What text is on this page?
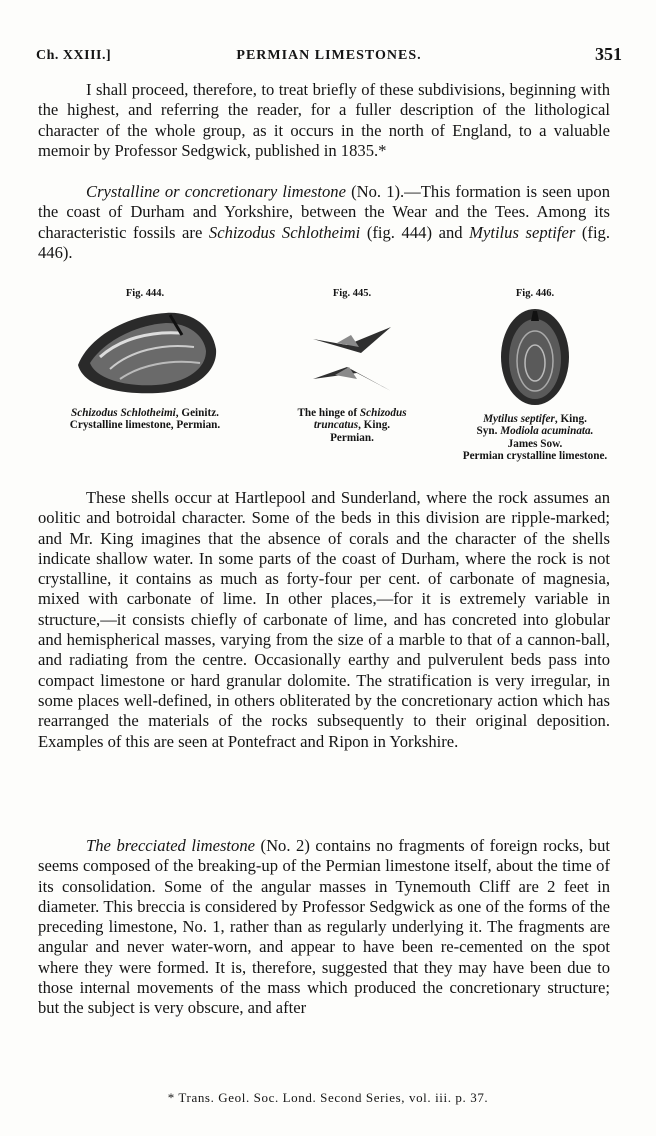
Ch. XXIII.]	PERMIAN LIMESTONES.	351

I shall proceed, therefore, to treat briefly of these subdivisions, beginning with the highest, and referring the reader, for a fuller description of the lithological character of the whole group, as it occurs in the north of England, to a valuable memoir by Professor Sedgwick, published in 1835.*

Crystalline or concretionary limestone (No. 1).—This formation is seen upon the coast of Durham and Yorkshire, between the Wear and the Tees. Among its characteristic fossils are Schizodus Schlotheimi (fig. 444) and Mytilus septifer (fig. 446).

Fig. 444.
Schizodus Schlotheimi, Geinitz.
Crystalline limestone, Permian.
Fig. 445.
The hinge of Schizodus truncatus, King.
Permian.
Fig. 446.
Mytilus septifer, King.
Syn. Modiola acuminata.
James Sow.
Permian crystalline limestone.

These shells occur at Hartlepool and Sunderland, where the rock assumes an oolitic and botroidal character. Some of the beds in this division are ripple-marked; and Mr. King imagines that the absence of corals and the character of the shells indicate shallow water. In some parts of the coast of Durham, where the rock is not crystalline, it contains as much as forty-four per cent. of carbonate of magnesia, mixed with carbonate of lime. In other places,—for it is extremely variable in structure,—it consists chiefly of carbonate of lime, and has concreted into globular and hemispherical masses, varying from the size of a marble to that of a cannon-ball, and radiating from the centre. Occasionally earthy and pulverulent beds pass into compact limestone or hard granular dolomite. The stratification is very irregular, in some places well-defined, in others obliterated by the concretionary action which has rearranged the materials of the rocks subsequently to their original deposition. Examples of this are seen at Pontefract and Ripon in Yorkshire.

The brecciated limestone (No. 2) contains no fragments of foreign rocks, but seems composed of the breaking-up of the Permian limestone itself, about the time of its consolidation. Some of the angular masses in Tynemouth Cliff are 2 feet in diameter. This breccia is considered by Professor Sedgwick as one of the forms of the preceding limestone, No. 1, rather than as regularly underlying it. The fragments are angular and never water-worn, and appear to have been re-cemented on the spot where they were formed. It is, therefore, suggested that they may have been due to those internal movements of the mass which produced the concretionary structure; but the subject is very obscure, and after

* Trans. Geol. Soc. Lond. Second Series, vol. iii. p. 37.
